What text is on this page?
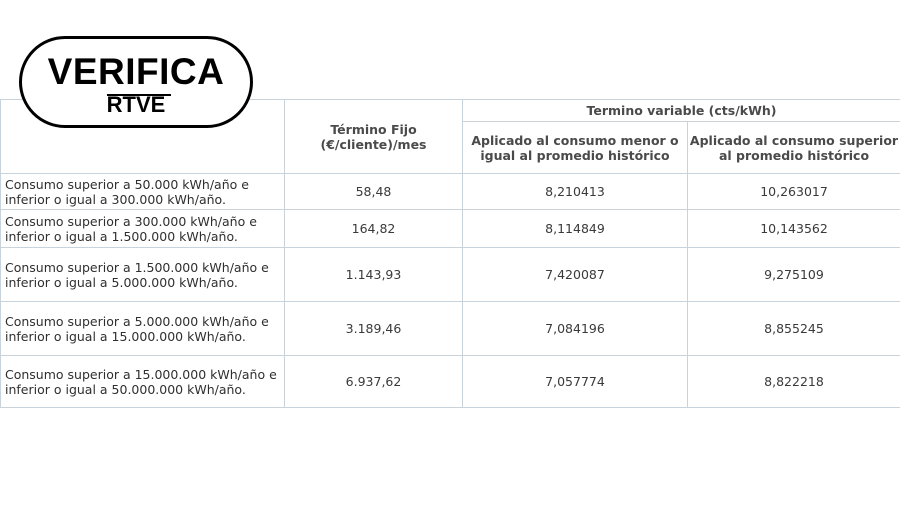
	Término Fijo (€/cliente)/mes	Termino variable (cts/kWh)	
		Aplicado al consumo menor o igual al promedio histórico	Aplicado al consumo superior al promedio histórico
Consumo superior a 50.000 kWh/año e inferior o igual a 300.000 kWh/año.	58,48	8,210413	10,263017
Consumo superior a 300.000 kWh/año e inferior o igual a 1.500.000 kWh/año.	164,82	8,114849	10,143562
Consumo superior a 1.500.000 kWh/año e inferior o igual a 5.000.000 kWh/año.	1.143,93	7,420087	9,275109
Consumo superior a 5.000.000 kWh/año e inferior o igual a 15.000.000 kWh/año.	3.189,46	7,084196	8,855245
Consumo superior a 15.000.000 kWh/año e inferior o igual a 50.000.000 kWh/año.	6.937,62	7,057774	8,822218
VERIFICA
RTVE
